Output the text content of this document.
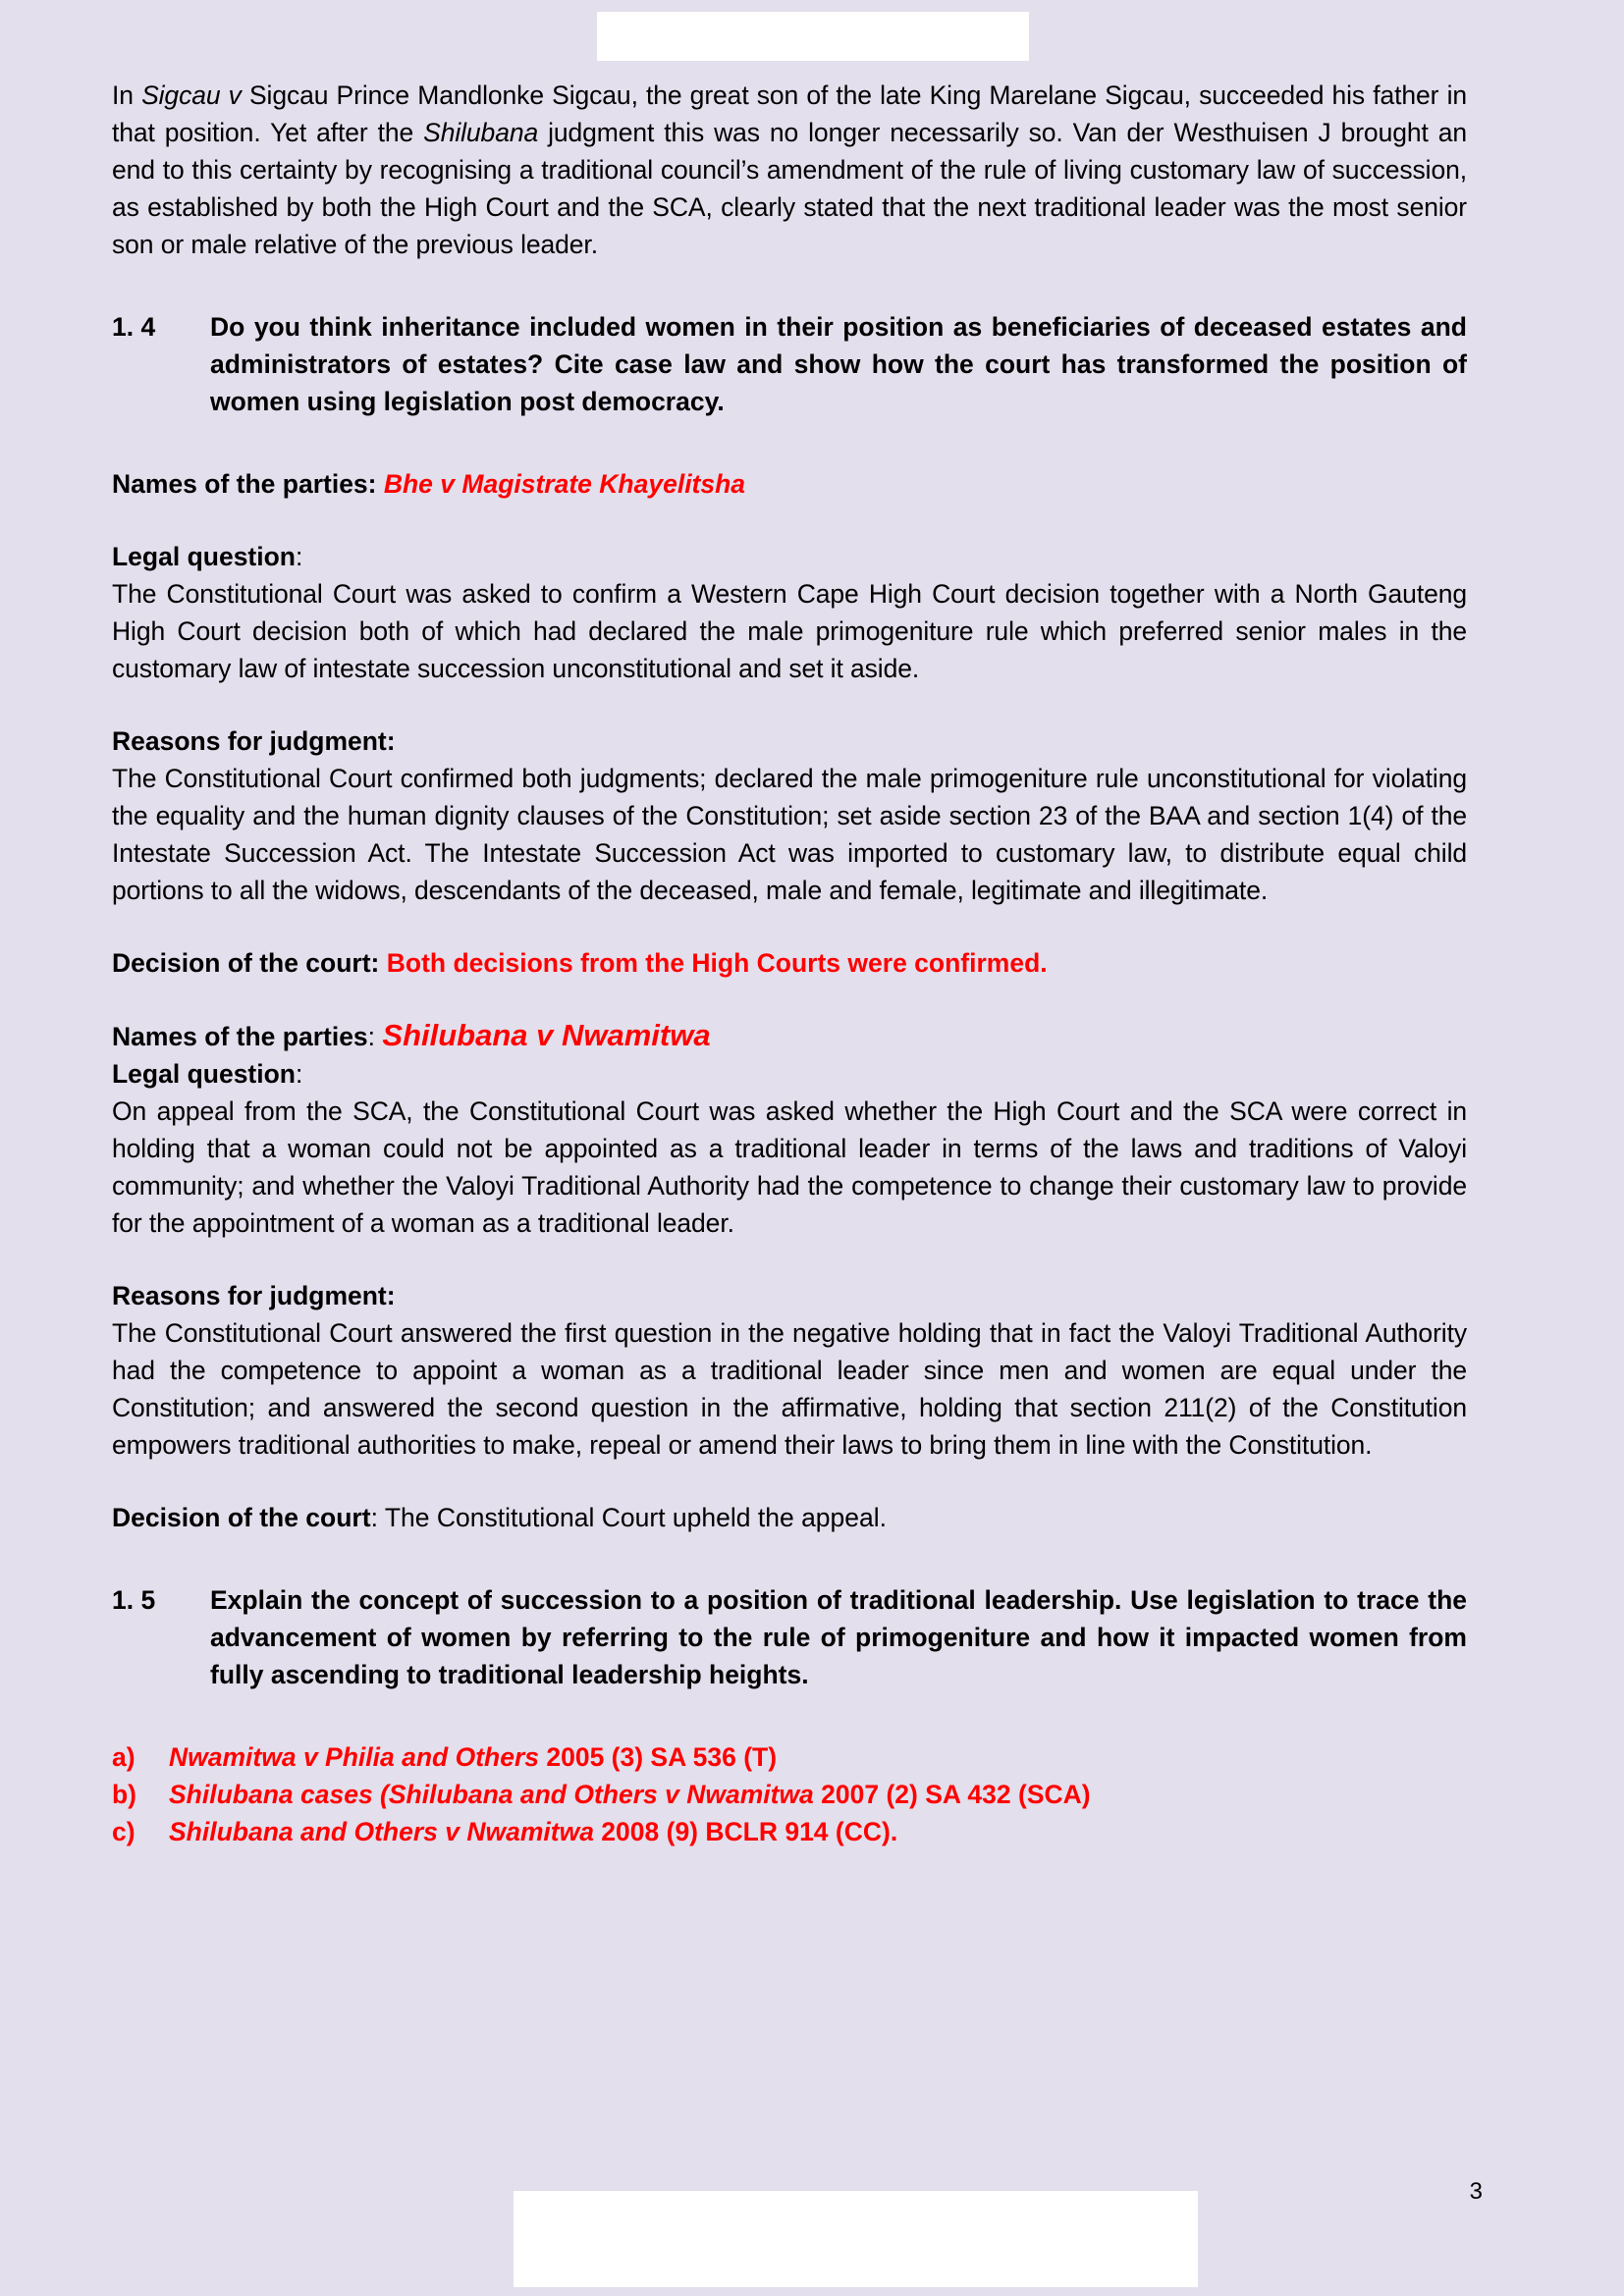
In Sigcau v Sigcau Prince Mandlonke Sigcau, the great son of the late King Marelane Sigcau, succeeded his father in that position. Yet after the Shilubana judgment this was no longer necessarily so. Van der Westhuisen J brought an end to this certainty by recognising a traditional council’s amendment of the rule of living customary law of succession, as established by both the High Court and the SCA, clearly stated that the next traditional leader was the most senior son or male relative of the previous leader.

1. 4	Do you think inheritance included women in their position as beneficiaries of deceased estates and administrators of estates? Cite case law and show how the court has transformed the position of women using legislation post democracy.

Names of the parties: Bhe v Magistrate Khayelitsha

Legal question:

The Constitutional Court was asked to confirm a Western Cape High Court decision together with a North Gauteng High Court decision both of which had declared the male primogeniture rule which preferred senior males in the customary law of intestate succession unconstitutional and set it aside.

Reasons for judgment:

The Constitutional Court confirmed both judgments; declared the male primogeniture rule unconstitutional for violating the equality and the human dignity clauses of the Constitution; set aside section 23 of the BAA and section 1(4) of the Intestate Succession Act. The Intestate Succession Act was imported to customary law, to distribute equal child portions to all the widows, descendants of the deceased, male and female, legitimate and illegitimate.

Decision of the court: Both decisions from the High Courts were confirmed.

Names of the parties: Shilubana v Nwamitwa

Legal question:

On appeal from the SCA, the Constitutional Court was asked whether the High Court and the SCA were correct in holding that a woman could not be appointed as a traditional leader in terms of the laws and traditions of Valoyi community; and whether the Valoyi Traditional Authority had the competence to change their customary law to provide for the appointment of a woman as a traditional leader.

Reasons for judgment:

The Constitutional Court answered the first question in the negative holding that in fact the Valoyi Traditional Authority had the competence to appoint a woman as a traditional leader since men and women are equal under the Constitution; and answered the second question in the affirmative, holding that section 211(2) of the Constitution empowers traditional authorities to make, repeal or amend their laws to bring them in line with the Constitution.

Decision of the court: The Constitutional Court upheld the appeal.

1. 5	Explain the concept of succession to a position of traditional leadership. Use legislation to trace the advancement of women by referring to the rule of primogeniture and how it impacted women from fully ascending to traditional leadership heights.
a)	Nwamitwa v Philia and Others 2005 (3) SA 536 (T)
b)	Shilubana cases (Shilubana and Others v Nwamitwa 2007 (2) SA 432 (SCA)
c)	Shilubana and Others v Nwamitwa 2008 (9) BCLR 914 (CC).
3
